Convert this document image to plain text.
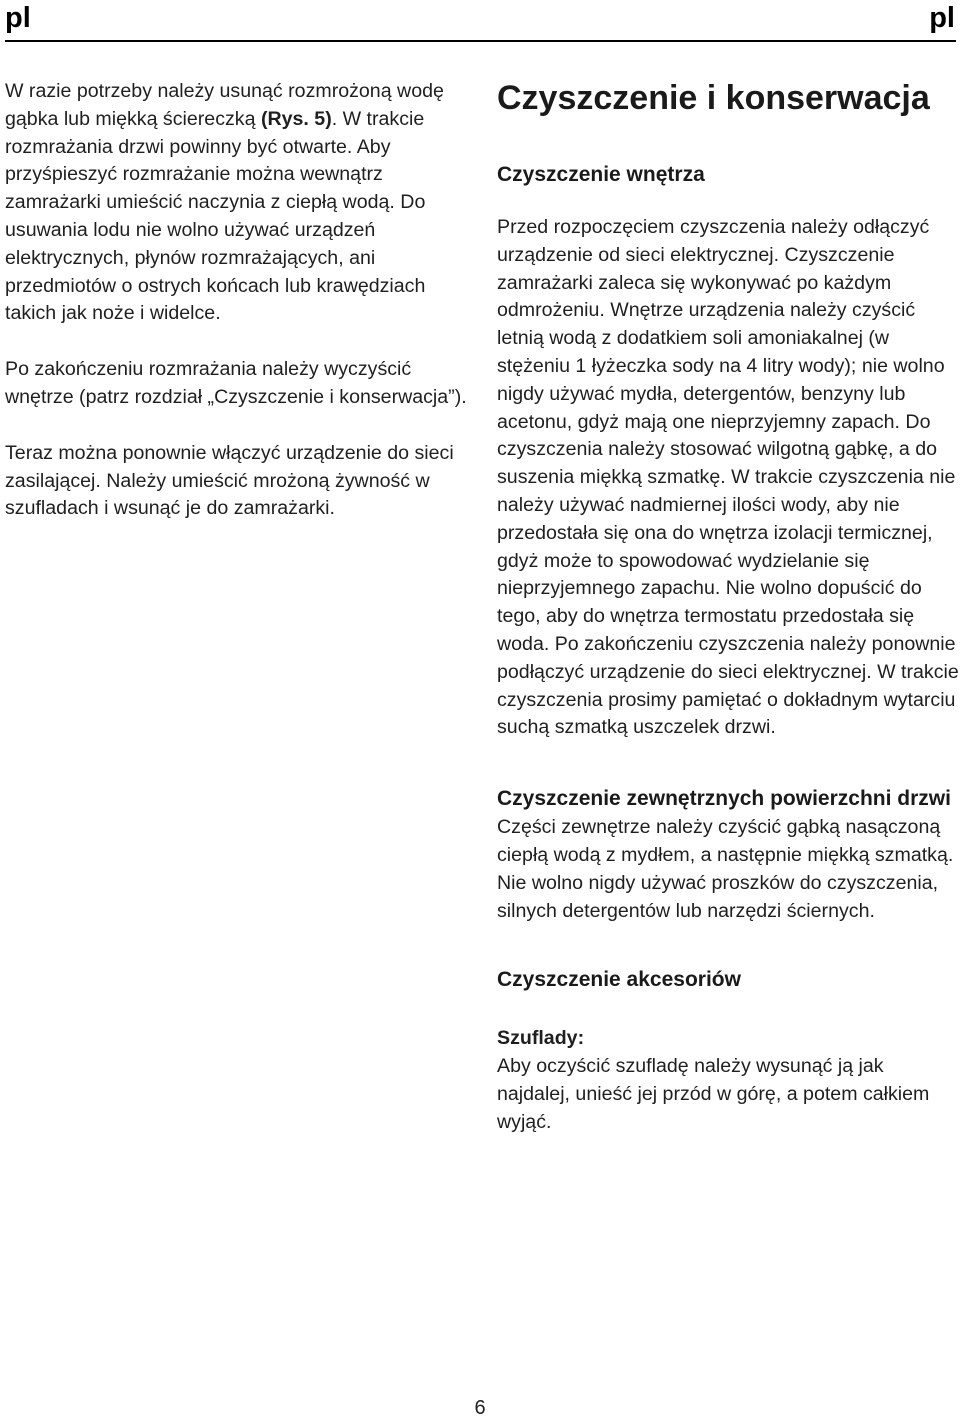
pl	pl

W razie potrzeby należy usunąć rozmrożoną wodę gąbka lub miękką ściereczką (Rys. 5). W trakcie rozmrażania drzwi powinny być otwarte. Aby przyśpieszyć rozmrażanie można wewnątrz zamrażarki umieścić naczynia z ciepłą wodą. Do usuwania lodu nie wolno używać urządzeń elektrycznych, płynów rozmrażających, ani przedmiotów o ostrych końcach lub krawędziach takich jak noże i widelce.

Po zakończeniu rozmrażania należy wyczyścić wnętrze (patrz rozdział „Czyszczenie i konserwacja”).

Teraz można ponownie włączyć urządzenie do sieci zasilającej. Należy umieścić mrożoną żywność w szufladach i wsunąć je do zamrażarki.

Czyszczenie i konserwacja
Czyszczenie wnętrza

Przed rozpoczęciem czyszczenia należy odłączyć urządzenie od sieci elektrycznej. Czyszczenie zamrażarki zaleca się wykonywać po każdym odmrożeniu. Wnętrze urządzenia należy czyścić letnią wodą z dodatkiem soli amoniakalnej (w stężeniu 1 łyżeczka sody na 4 litry wody); nie wolno nigdy używać mydła, detergentów, benzyny lub acetonu, gdyż mają one nieprzyjemny zapach. Do czyszczenia należy stosować wilgotną gąbkę, a do suszenia miękką szmatkę. W trakcie czyszczenia nie należy używać nadmiernej ilości wody, aby nie przedostała się ona do wnętrza izolacji termicznej, gdyż może to spowodować wydzielanie się nieprzyjemnego zapachu. Nie wolno dopuścić do tego, aby do wnętrza termostatu przedostała się woda. Po zakończeniu czyszczenia należy ponownie podłączyć urządzenie do sieci elektrycznej. W trakcie czyszczenia prosimy pamiętać o dokładnym wytarciu suchą szmatką uszczelek drzwi.

Czyszczenie zewnętrznych powierzchni drzwi

Części zewnętrze należy czyścić gąbką nasączoną ciepłą wodą z mydłem, a następnie miękką szmatką. Nie wolno nigdy używać proszków do czyszczenia, silnych detergentów lub narzędzi ściernych.

Czyszczenie akcesoriów
Szuflady:

Aby oczyścić szufladę należy wysunąć ją jak najdalej, unieść jej przód w górę, a potem całkiem wyjąć.

6
